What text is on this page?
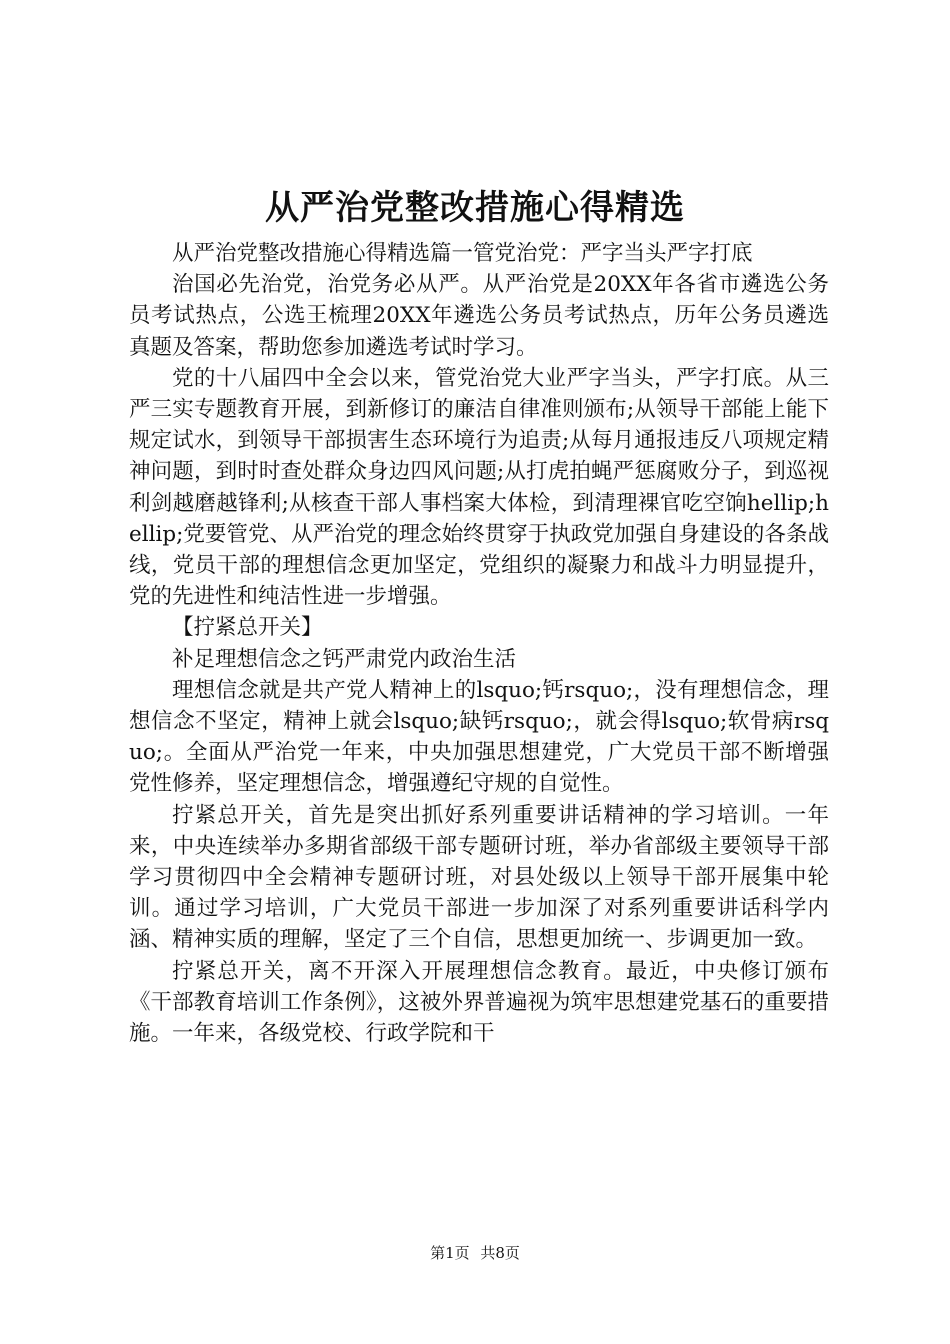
从严治党整改措施心得精选

从严治党整改措施心得精选篇一管党治党：严字当头严字打底

治国必先治党，治党务必从严。从严治党是20XX年各省市遴选公务员考试热点，公选王梳理20XX年遴选公务员考试热点，历年公务员遴选真题及答案，帮助您参加遴选考试时学习。

党的十八届四中全会以来，管党治党大业严字当头，严字打底。从三严三实专题教育开展，到新修订的廉洁自律准则颁布;从领导干部能上能下规定试水，到领导干部损害生态环境行为追责;从每月通报违反八项规定精神问题，到时时查处群众身边四风问题;从打虎拍蝇严惩腐败分子，到巡视利剑越磨越锋利;从核查干部人事档案大体检，到清理裸官吃空饷hellip;hellip;党要管党、从严治党的理念始终贯穿于执政党加强自身建设的各条战线，党员干部的理想信念更加坚定，党组织的凝聚力和战斗力明显提升，党的先进性和纯洁性进一步增强。

【拧紧总开关】

补足理想信念之钙严肃党内政治生活

理想信念就是共产党人精神上的lsquo;钙rsquo;，没有理想信念，理想信念不坚定，精神上就会lsquo;缺钙rsquo;，就会得lsquo;软骨病rsquo;。全面从严治党一年来，中央加强思想建党，广大党员干部不断增强党性修养，坚定理想信念，增强遵纪守规的自觉性。

拧紧总开关，首先是突出抓好系列重要讲话精神的学习培训。一年来，中央连续举办多期省部级干部专题研讨班，举办省部级主要领导干部学习贯彻四中全会精神专题研讨班，对县处级以上领导干部开展集中轮训。通过学习培训，广大党员干部进一步加深了对系列重要讲话科学内涵、精神实质的理解，坚定了三个自信，思想更加统一、步调更加一致。

拧紧总开关，离不开深入开展理想信念教育。最近，中央修订颁布《干部教育培训工作条例》，这被外界普遍视为筑牢思想建党基石的重要措施。一年来，各级党校、行政学院和干

第1页 共8页
